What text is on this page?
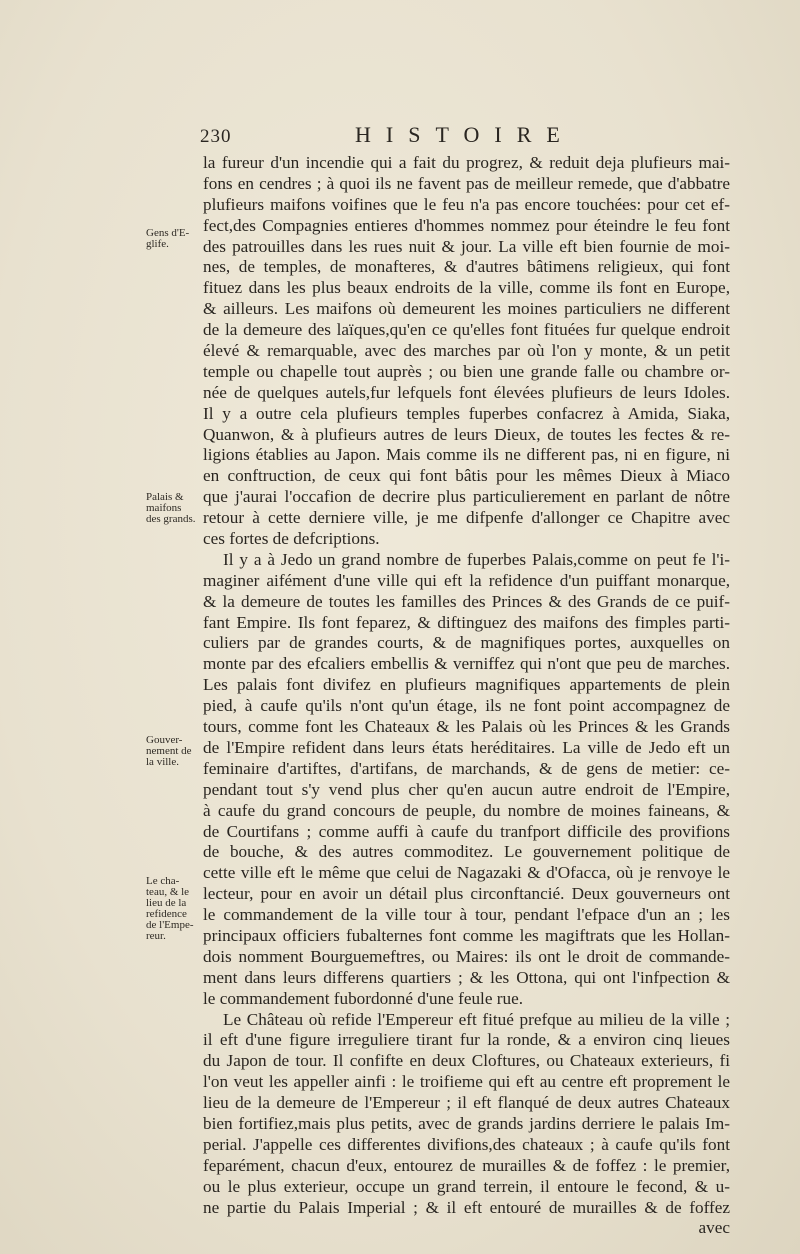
230	HISTOIRE
la fureur d'un incendie qui a fait du progrez, & reduit deja plufieurs mai-
fons en cendres ; à quoi ils ne favent pas de meilleur remede, que d'abbatre
plufieurs maifons voifines que le feu n'a pas encore touchées: pour cet ef-
fect,des Compagnies entieres d'hommes nommez pour éteindre le feu font
des patrouilles dans les rues nuit & jour. La ville eft bien fournie de moi-
nes, de temples, de monafteres, & d'autres bâtimens religieux, qui font
fituez dans les plus beaux endroits de la ville, comme ils font en Europe,
& ailleurs. Les maifons où demeurent les moines particuliers ne different
de la demeure des laïques,qu'en ce qu'elles font fituées fur quelque endroit
élevé & remarquable, avec des marches par où l'on y monte, & un petit
temple ou chapelle tout auprès ; ou bien une grande falle ou chambre or-
née de quelques autels,fur lefquels font élevées plufieurs de leurs Idoles.
Il y a outre cela plufieurs temples fuperbes confacrez à Amida, Siaka,
Quanwon, & à plufieurs autres de leurs Dieux, de toutes les fectes & re-
ligions établies au Japon. Mais comme ils ne different pas, ni en figure, ni
en conftruction, de ceux qui font bâtis pour les mêmes Dieux à Miaco
que j'aurai l'occafion de decrire plus particulierement en parlant de nôtre
retour à cette derniere ville, je me difpenfe d'allonger ce Chapitre avec
ces fortes de defcriptions.
Il y a à Jedo un grand nombre de fuperbes Palais,comme on peut fe l'i-
maginer aifément d'une ville qui eft la refidence d'un puiffant monarque,
& la demeure de toutes les familles des Princes & des Grands de ce puif-
fant Empire. Ils font feparez, & diftinguez des maifons des fimples parti-
culiers par de grandes courts, & de magnifiques portes, auxquelles on
monte par des efcaliers embellis & verniffez qui n'ont que peu de marches.
Les palais font divifez en plufieurs magnifiques appartements de plein
pied, à caufe qu'ils n'ont qu'un étage, ils ne font point accompagnez de
tours, comme font les Chateaux & les Palais où les Princes & les Grands
de l'Empire refident dans leurs états heréditaires. La ville de Jedo eft un
feminaire d'artiftes, d'artifans, de marchands, & de gens de metier: ce-
pendant tout s'y vend plus cher qu'en aucun autre endroit de l'Empire,
à caufe du grand concours de peuple, du nombre de moines faineans, &
de Courtifans ; comme auffi à caufe du tranfport difficile des provifions
de bouche, & des autres commoditez. Le gouvernement politique de
cette ville eft le même que celui de Nagazaki & d'Ofacca, où je renvoye le
lecteur, pour en avoir un détail plus circonftancié. Deux gouverneurs ont
le commandement de la ville tour à tour, pendant l'efpace d'un an ; les
principaux officiers fubalternes font comme les magiftrats que les Hollan-
dois nomment Bourguemeftres, ou Maires: ils ont le droit de commande-
ment dans leurs differens quartiers ; & les Ottona, qui ont l'infpection &
le commandement fubordonné d'une feule rue.
Le Château où refide l'Empereur eft fitué prefque au milieu de la ville ;
il eft d'une figure irreguliere tirant fur la ronde, & a environ cinq lieues
du Japon de tour. Il confifte en deux Cloftures, ou Chateaux exterieurs, fi
l'on veut les appeller ainfi : le troifieme qui eft au centre eft proprement le
lieu de la demeure de l'Empereur ; il eft flanqué de deux autres Chateaux
bien fortifiez,mais plus petits, avec de grands jardins derriere le palais Im-
perial. J'appelle ces differentes divifions,des chateaux ; à caufe qu'ils font
feparément, chacun d'eux, entourez de murailles & de foffez : le premier,
ou le plus exterieur, occupe un grand terrein, il entoure le fecond, & u-
ne partie du Palais Imperial ; & il eft entouré de murailles & de foffez
avec
Gens d'E-
glife.
Palais &
maifons
des grands.
Gouver-
nement de
la ville.
Le cha-
teau, & le
lieu de la
refidence
de l'Empe-
reur.
